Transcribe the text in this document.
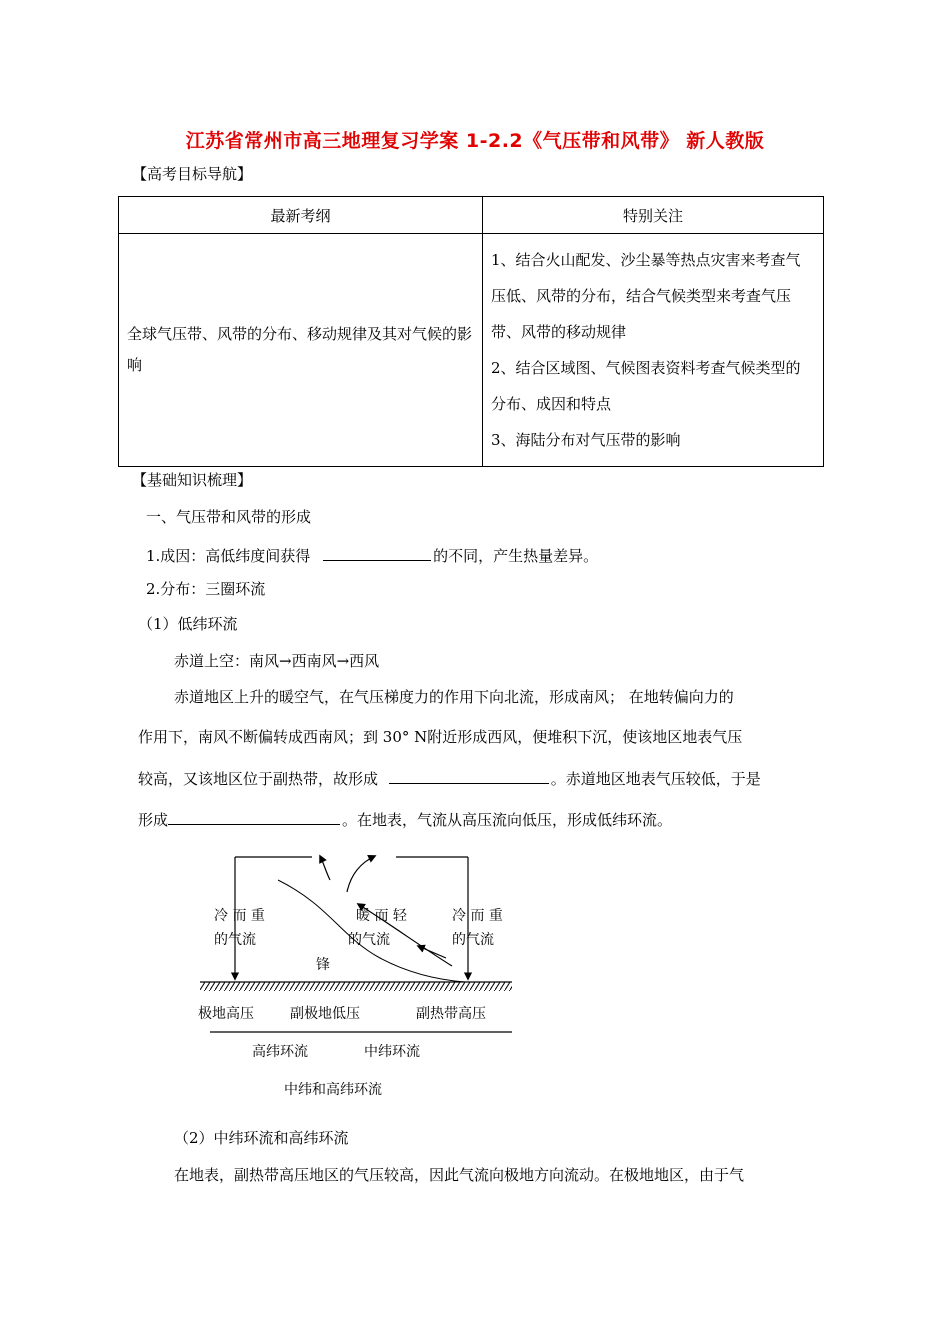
江苏省常州市高三地理复习学案 1-2.2《气压带和风带》 新人教版
【高考目标导航】
最新考纲	特别关注

全球气压带、风带的分布、移动规律及其对气候的影响	1、结合火山配发、沙尘暴等热点灾害来考查气压低、风带的分布，结合气候类型来考查气压带、风带的移动规律
2、结合区域图、气候图表资料考查气候类型的分布、成因和特点
3、海陆分布对气压带的影响
【基础知识梳理】
一、气压带和风带的形成
1.成因：高低纬度间获得	的不同，产生热量差异。
2.分布：三圈环流
（1）低纬环流
赤道上空：南风→西南风→西风
赤道地区上升的暖空气，在气压梯度力的作用下向北流，形成南风； 在地转偏向力的
作用下，南风不断偏转成西南风；到 30° N附近形成西风，便堆积下沉，使该地区地表气压
较高，又该地区位于副热带，故形成	。赤道地区地表气压较低，于是
形成	。在地表，气流从高压流向低压，形成低纬环流。
冷 而 重
的气流
暖 而 轻
的气流
冷 而 重
的气流
锋
极地高压	副极地低压	副热带高压
高纬环流	中纬环流
中纬和高纬环流
（2）中纬环流和高纬环流
在地表，副热带高压地区的气压较高，因此气流向极地方向流动。在极地地区，由于气
